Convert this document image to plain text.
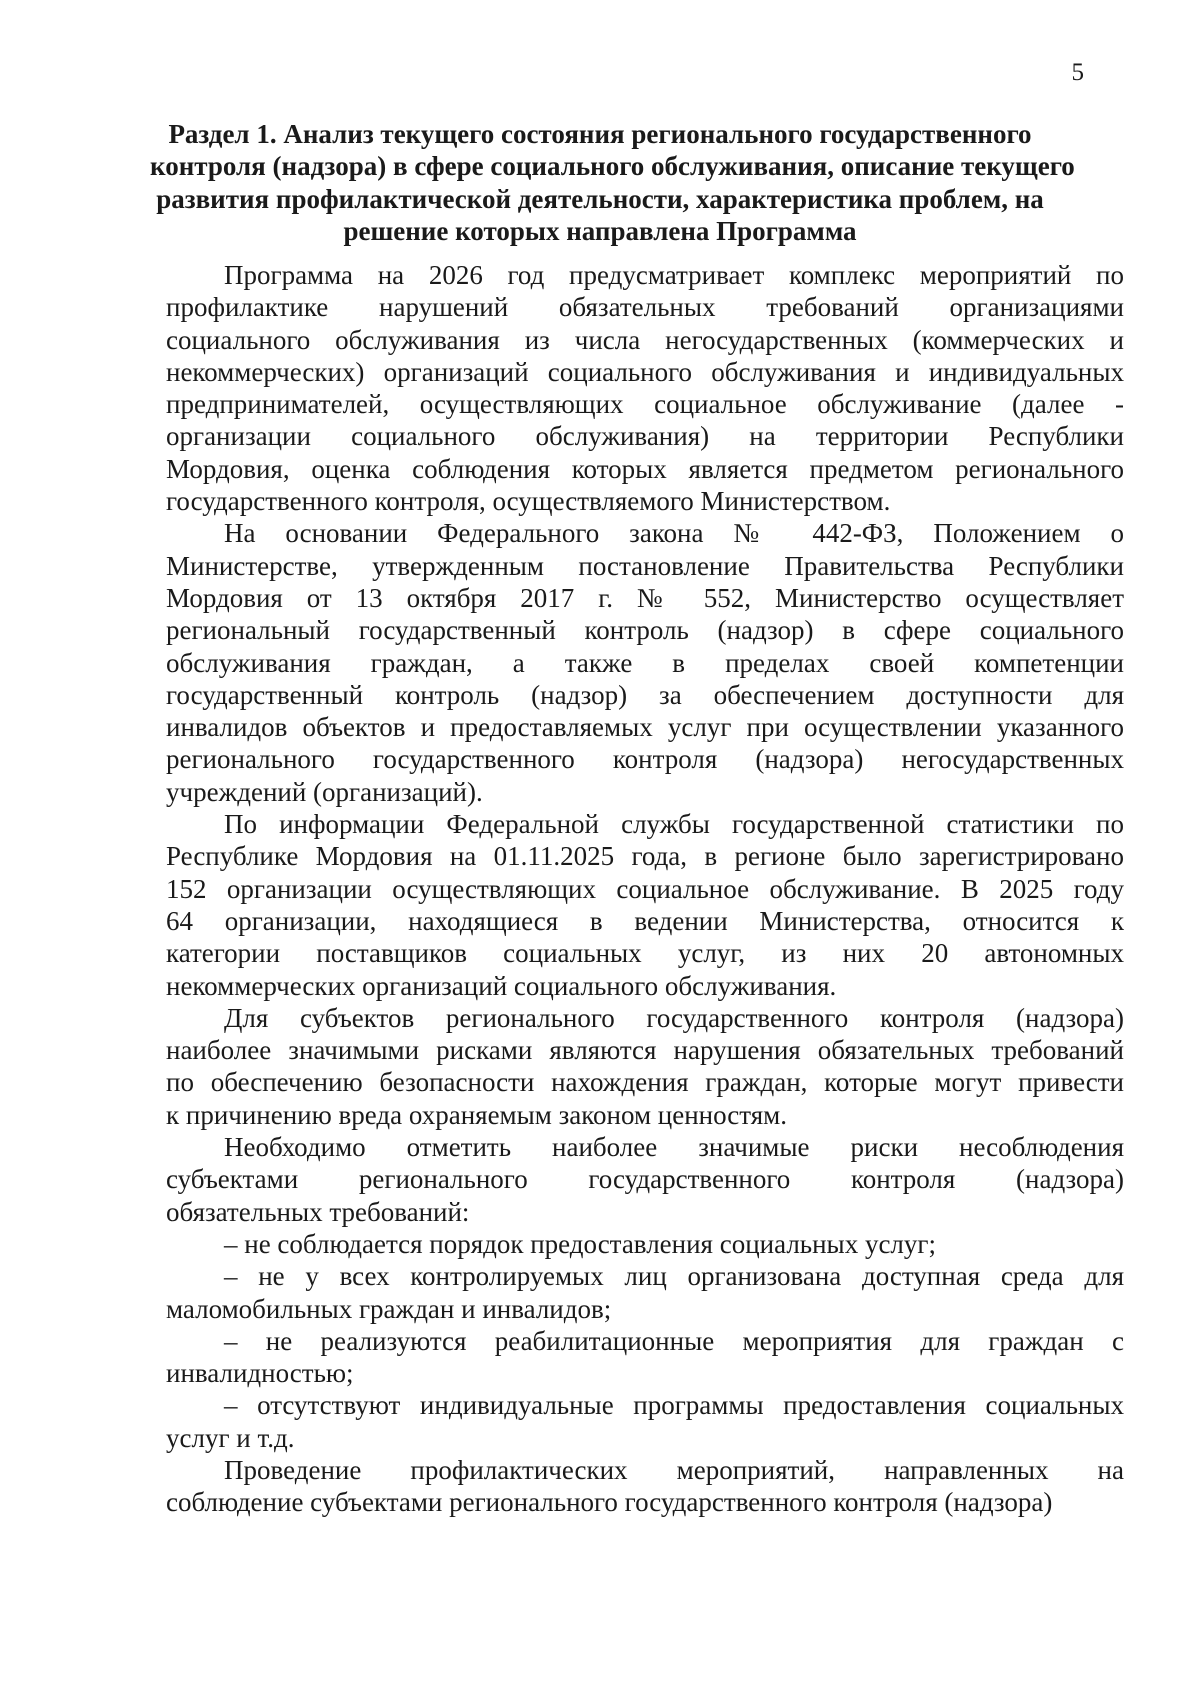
5
Раздел 1. Анализ текущего состояния регионального государственного
контроля (надзора) в сфере социального обслуживания, описание текущего
развития профилактической деятельности, характеристика проблем, на
решение которых направлена Программа
Программа на 2026 год предусматривает комплекс мероприятий по
профилактике нарушений обязательных требований организациями
социального обслуживания из числа негосударственных (коммерческих и
некоммерческих) организаций социального обслуживания и индивидуальных
предпринимателей, осуществляющих социальное обслуживание (далее -
организации социального обслуживания) на территории Республики
Мордовия, оценка соблюдения которых является предметом регионального
государственного контроля, осуществляемого Министерством.
На основании Федерального закона № 442-ФЗ, Положением о
Министерстве, утвержденным постановление Правительства Республики
Мордовия от 13 октября 2017 г. № 552, Министерство осуществляет
региональный государственный контроль (надзор) в сфере социального
обслуживания граждан, а также в пределах своей компетенции
государственный контроль (надзор) за обеспечением доступности для
инвалидов объектов и предоставляемых услуг при осуществлении указанного
регионального государственного контроля (надзора) негосударственных
учреждений (организаций).
По информации Федеральной службы государственной статистики по
Республике Мордовия на 01.11.2025 года, в регионе было зарегистрировано
152 организации осуществляющих социальное обслуживание. В 2025 году
64 организации, находящиеся в ведении Министерства, относится к
категории поставщиков социальных услуг, из них 20 автономных
некоммерческих организаций социального обслуживания.
Для субъектов регионального государственного контроля (надзора)
наиболее значимыми рисками являются нарушения обязательных требований
по обеспечению безопасности нахождения граждан, которые могут привести
к причинению вреда охраняемым законом ценностям.
Необходимо отметить наиболее значимые риски несоблюдения
субъектами регионального государственного контроля (надзора)
обязательных требований:
– не соблюдается порядок предоставления социальных услуг;
– не у всех контролируемых лиц организована доступная среда для
маломобильных граждан и инвалидов;
– не реализуются реабилитационные мероприятия для граждан с
инвалидностью;
– отсутствуют индивидуальные программы предоставления социальных
услуг и т.д.
Проведение профилактических мероприятий, направленных на
соблюдение субъектами регионального государственного контроля (надзора)
